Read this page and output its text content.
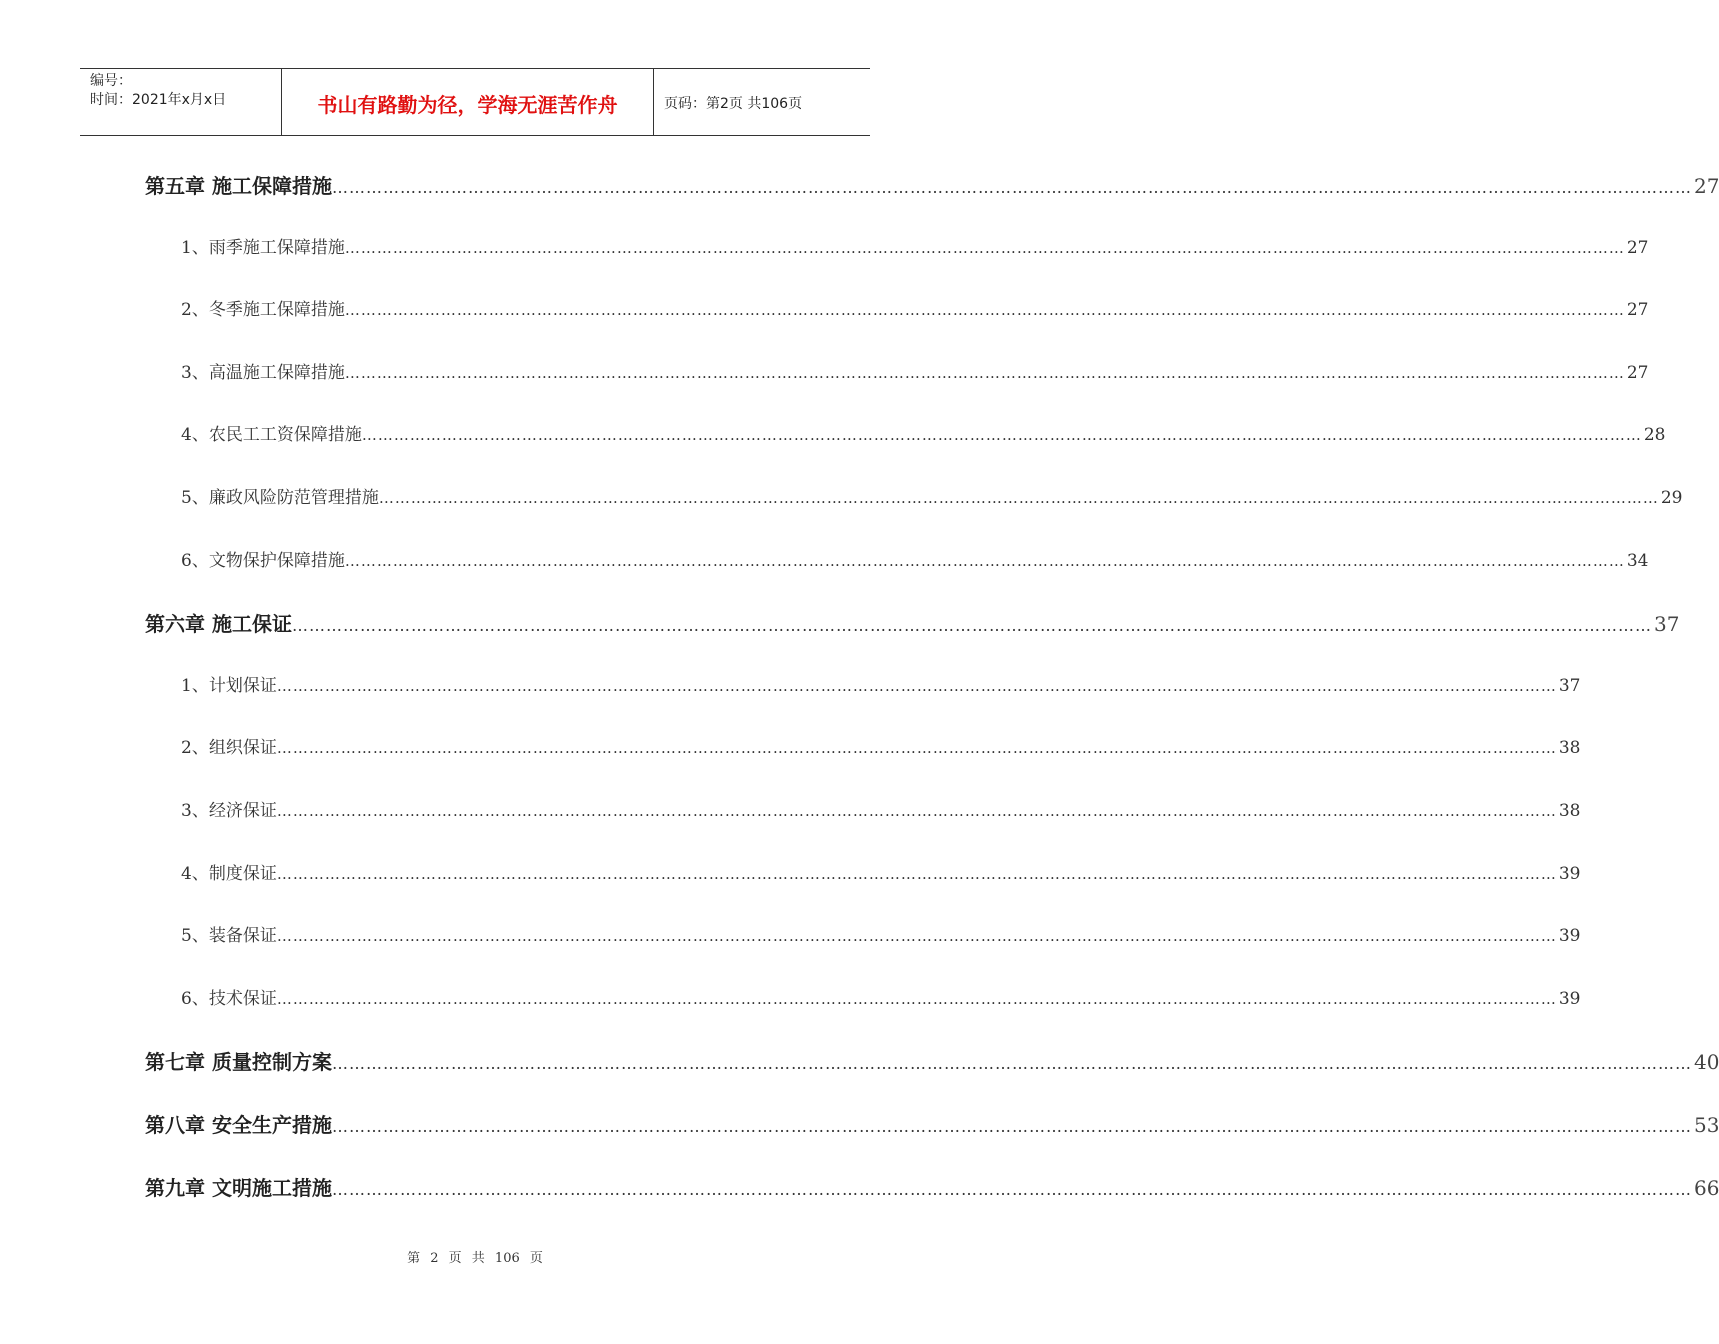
编号：
时间：2021年x月x日	书山有路勤为径，学海无涯苦作舟	页码：第2页 共106页
第五章 施工保障措施 …………………………………………………………………………………………………………………………………………………………………………………………………………………… 27
1、雨季施工保障措施 …………………………………………………………………………………………………………………………………………………………………………………………………………………… 27
2、冬季施工保障措施 …………………………………………………………………………………………………………………………………………………………………………………………………………………… 27
3、高温施工保障措施 …………………………………………………………………………………………………………………………………………………………………………………………………………………… 27
4、农民工工资保障措施 …………………………………………………………………………………………………………………………………………………………………………………………………………………… 28
5、廉政风险防范管理措施 …………………………………………………………………………………………………………………………………………………………………………………………………………………… 29
6、文物保护保障措施 …………………………………………………………………………………………………………………………………………………………………………………………………………………… 34
第六章 施工保证 …………………………………………………………………………………………………………………………………………………………………………………………………………………… 37
1、计划保证 …………………………………………………………………………………………………………………………………………………………………………………………………………………… 37
2、组织保证 …………………………………………………………………………………………………………………………………………………………………………………………………………………… 38
3、经济保证 …………………………………………………………………………………………………………………………………………………………………………………………………………………… 38
4、制度保证 …………………………………………………………………………………………………………………………………………………………………………………………………………………… 39
5、装备保证 …………………………………………………………………………………………………………………………………………………………………………………………………………………… 39
6、技术保证 …………………………………………………………………………………………………………………………………………………………………………………………………………………… 39
第七章 质量控制方案 …………………………………………………………………………………………………………………………………………………………………………………………………………………… 40
第八章 安全生产措施 …………………………………………………………………………………………………………………………………………………………………………………………………………………… 53
第九章 文明施工措施 …………………………………………………………………………………………………………………………………………………………………………………………………………………… 66
第 2 页 共 106 页
